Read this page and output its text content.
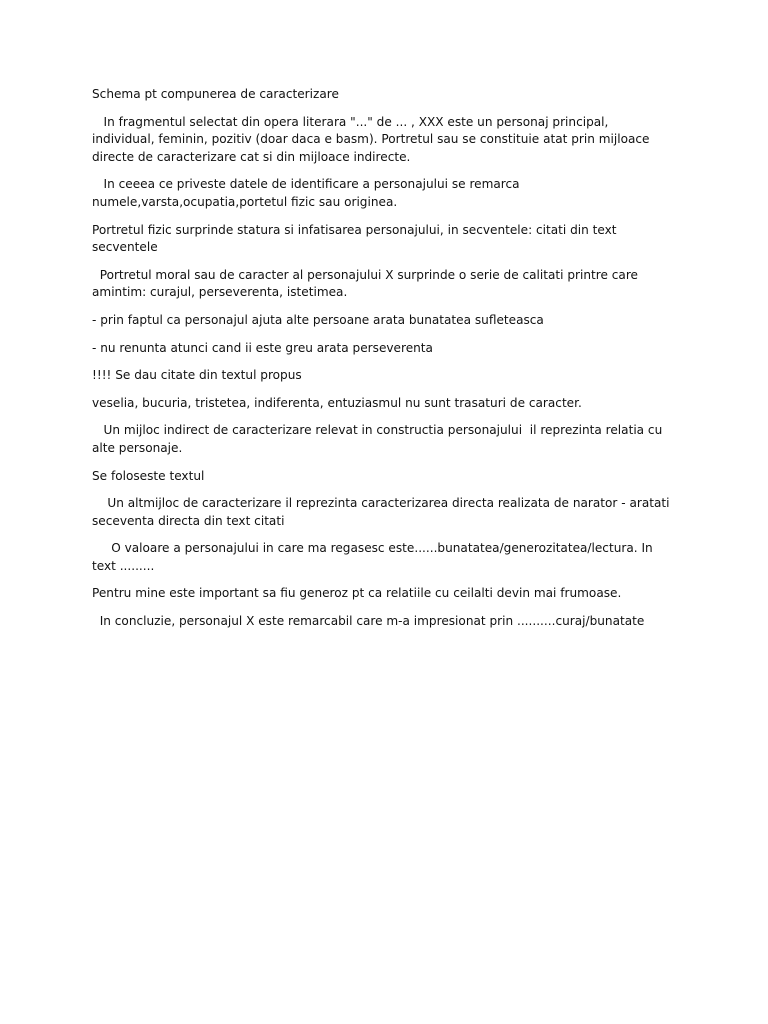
Schema pt compunerea de caracterizare

In fragmentul selectat din opera literara "..." de ... , XXX este un personaj principal, individual, feminin, pozitiv (doar daca e basm). Portretul sau se constituie atat prin mijloace directe de caracterizare cat si din mijloace indirecte.

In ceeea ce priveste datele de identificare a personajului se remarca numele,varsta,ocupatia,portetul fizic sau originea.

Portretul fizic surprinde statura si infatisarea personajului, in secventele: citati din text secventele

Portretul moral sau de caracter al personajului X surprinde o serie de calitati printre care amintim: curajul, perseverenta, istetimea.

- prin faptul ca personajul ajuta alte persoane arata bunatatea sufleteasca

- nu renunta atunci cand ii este greu arata perseverenta

!!!! Se dau citate din textul propus

veselia, bucuria, tristetea, indiferenta, entuziasmul nu sunt trasaturi de caracter.

Un mijloc indirect de caracterizare relevat in constructia personajului  il reprezinta relatia cu alte personaje.

Se foloseste textul

Un altmijloc de caracterizare il reprezinta caracterizarea directa realizata de narator - aratati seceventa directa din text citati

O valoare a personajului in care ma regasesc este......bunatatea/generozitatea/lectura. In text .........

Pentru mine este important sa fiu generoz pt ca relatiile cu ceilalti devin mai frumoase.

In concluzie, personajul X este remarcabil care m-a impresionat prin ..........curaj/bunatate
